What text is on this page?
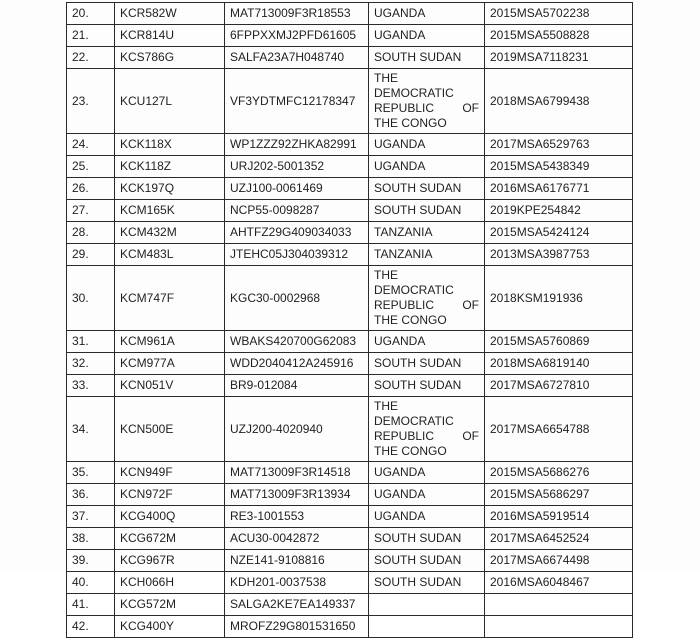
20.	KCR582W	MAT713009F3R18553	UGANDA	2015MSA5702238
21.	KCR814U	6FPPXXMJ2PFD61605	UGANDA	2015MSA5508828
22.	KCS786G	SALFA23A7H048740	SOUTH SUDAN	2019MSA7118231
23.	KCU127L	VF3YDTMFC12178347	THE DEMOCRATIC REPUBLIC OF THE CONGO	2018MSA6799438
24.	KCK118X	WP1ZZZ92ZHKA82991	UGANDA	2017MSA6529763
25.	KCK118Z	URJ202-5001352	UGANDA	2015MSA5438349
26.	KCK197Q	UZJ100-0061469	SOUTH SUDAN	2016MSA6176771
27.	KCM165K	NCP55-0098287	SOUTH SUDAN	2019KPE254842
28.	KCM432M	AHTFZ29G409034033	TANZANIA	2015MSA5424124
29.	KCM483L	JTEHC05J304039312	TANZANIA	2013MSA3987753
30.	KCM747F	KGC30-0002968	THE DEMOCRATIC REPUBLIC OF THE CONGO	2018KSM191936
31.	KCM961A	WBAKS420700G62083	UGANDA	2015MSA5760869
32.	KCM977A	WDD2040412A245916	SOUTH SUDAN	2018MSA6819140
33.	KCN051V	BR9-012084	SOUTH SUDAN	2017MSA6727810
34.	KCN500E	UZJ200-4020940	THE DEMOCRATIC REPUBLIC OF THE CONGO	2017MSA6654788
35.	KCN949F	MAT713009F3R14518	UGANDA	2015MSA5686276
36.	KCN972F	MAT713009F3R13934	UGANDA	2015MSA5686297
37.	KCG400Q	RE3-1001553	UGANDA	2016MSA5919514
38.	KCG672M	ACU30-0042872	SOUTH SUDAN	2017MSA6452524
39.	KCG967R	NZE141-9108816	SOUTH SUDAN	2017MSA6674498
40.	KCH066H	KDH201-0037538	SOUTH SUDAN	2016MSA6048467
41.	KCG572M	SALGA2KE7EA149337		
42.	KCG400Y	MROFZ29G801531650		
